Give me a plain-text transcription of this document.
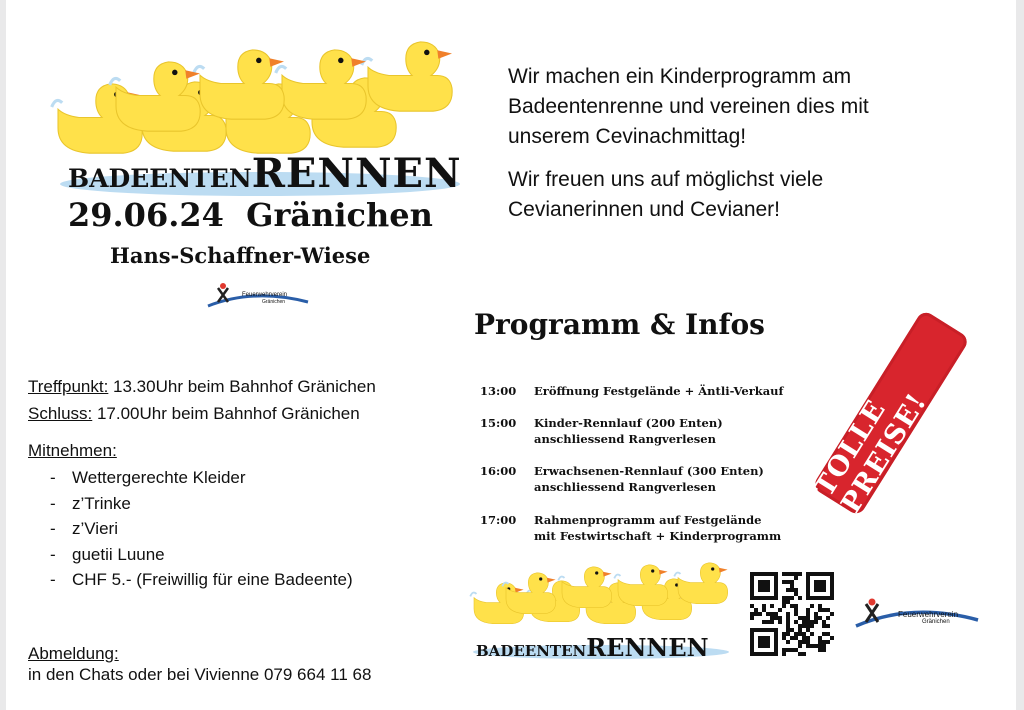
BADEENTENRENNEN
29.06.24 Gränichen
Hans-Schaffner-Wiese
Feuerwehrverein
Gränichen

Wir machen ein Kinderprogramm am Badeentenrenne und vereinen dies mit unserem Cevinachmittag!

Wir freuen uns auf möglichst viele Cevianerinnen und Cevianer!

Programm & Infos
13:00	Eröffnung Festgelände + Äntli-Verkauf
15:00	Kinder-Rennlauf (200 Enten)
anschliessend Rangverlesen
16:00	Erwachsenen-Rennlauf (300 Enten)
anschliessend Rangverlesen
17:00	Rahmenprogramm auf Festgelände
mit Festwirtschaft + Kinderprogramm
TOLLE PREISE!
Treffpunkt: 13.30Uhr beim Bahnhof Gränichen
Schluss: 17.00Uhr beim Bahnhof Gränichen
Mitnehmen:
- Wettergerechte Kleider
- z’Trinke
- z’Vieri
- guetii Luune
- CHF 5.- (Freiwillig für eine Badeente)
Abmeldung:
in den Chats oder bei Vivienne 079 664 11 68
BADEENTENRENNEN
Feuerwehrverein
Gränichen
